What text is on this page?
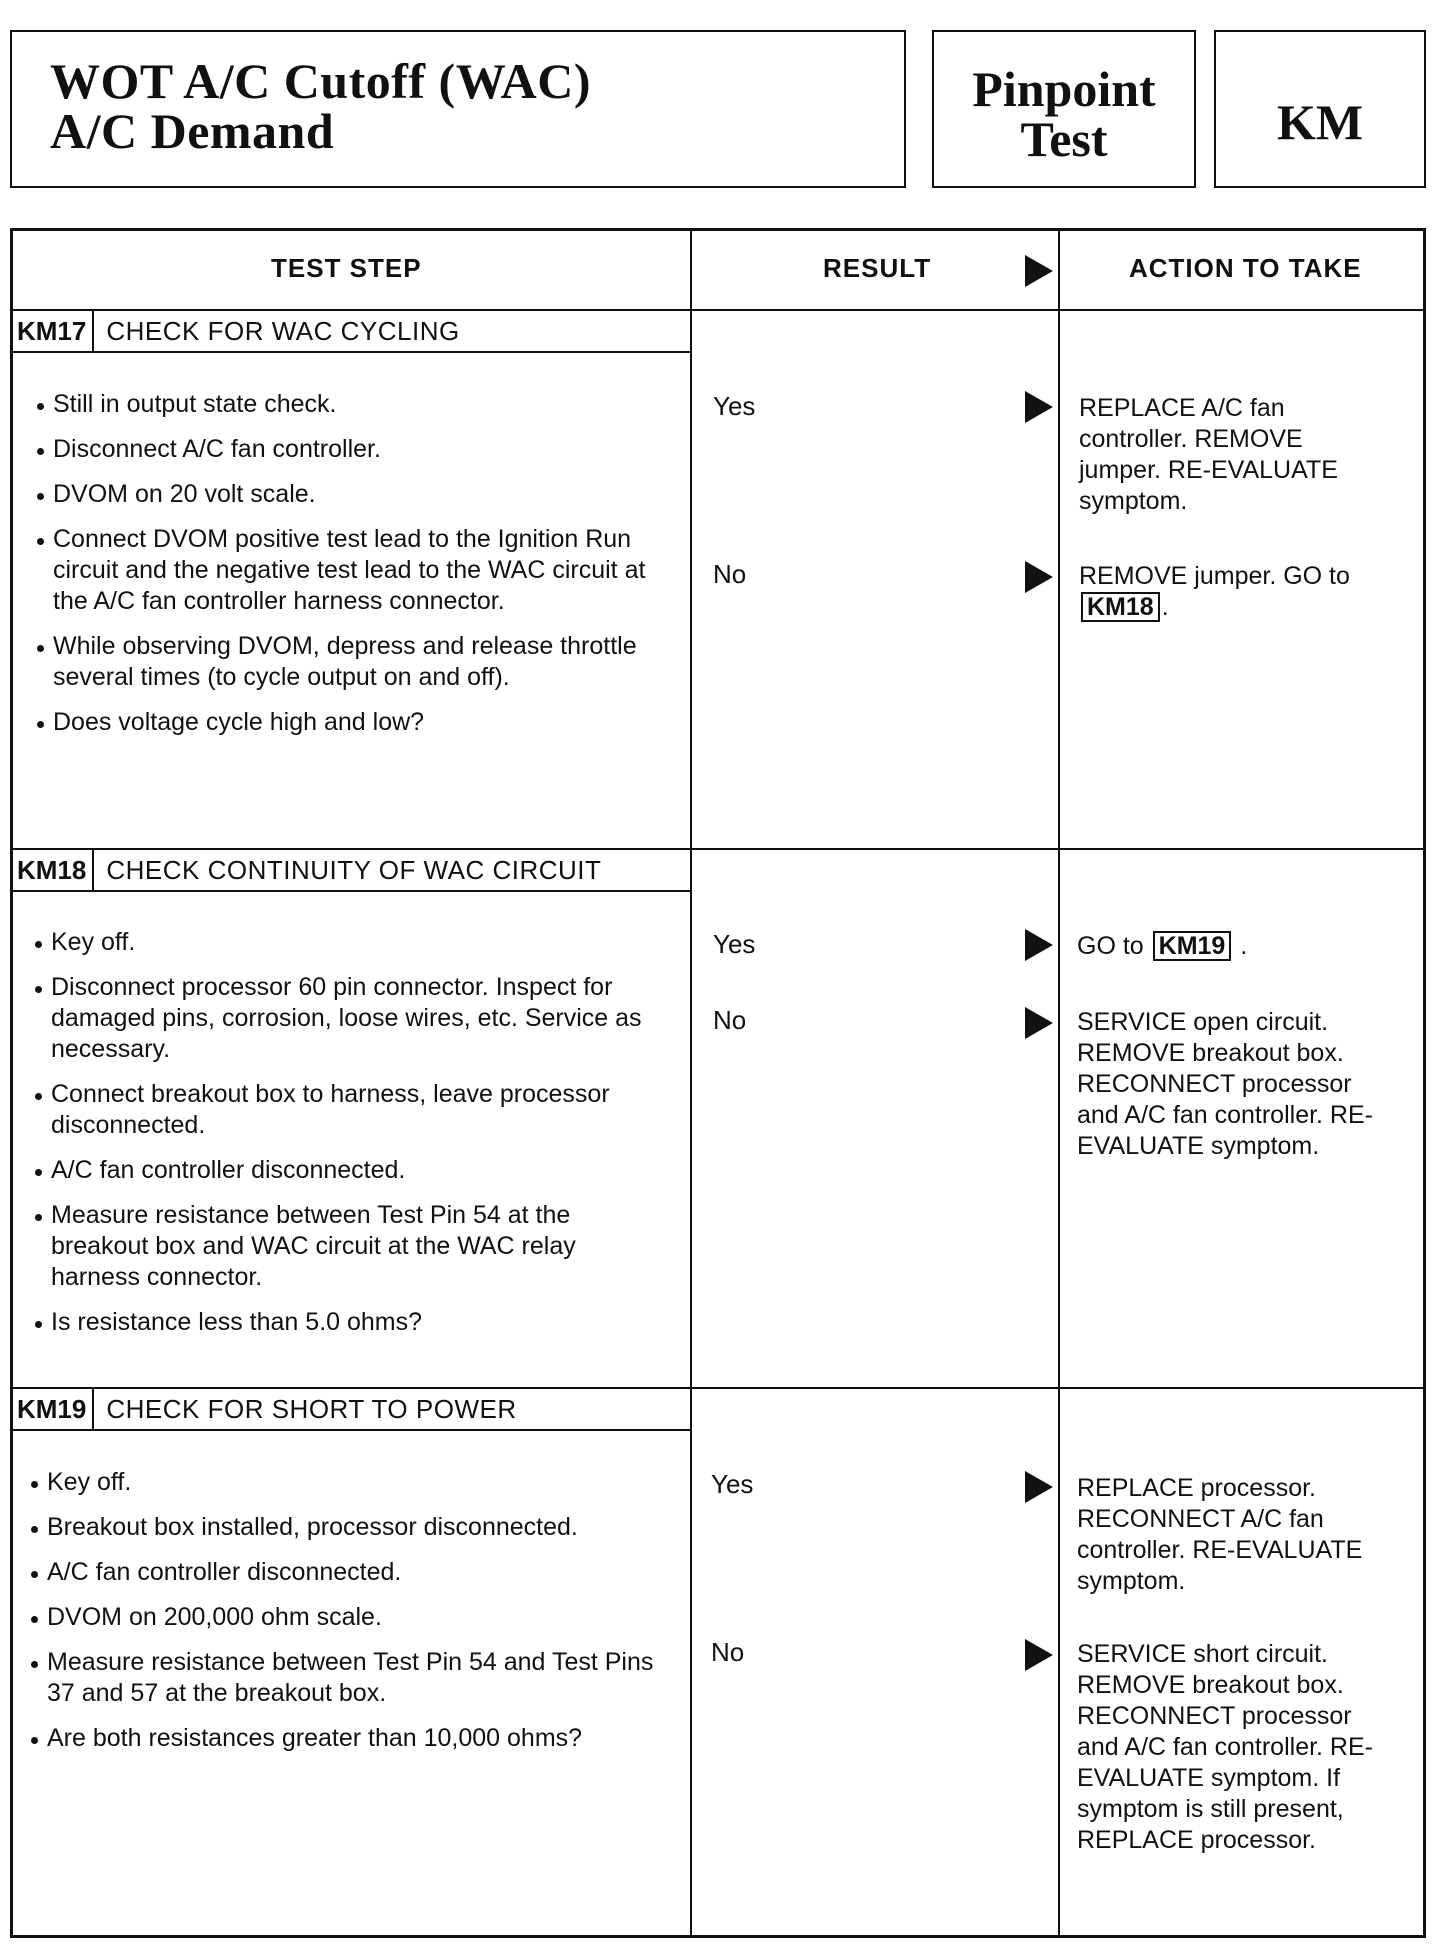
WOT A/C Cutoff (WAC)
A/C Demand
Pinpoint
Test	KM
TEST STEP	RESULT	ACTION TO TAKE
KM17 CHECK FOR WAC CYCLING
Still in output state check.
Disconnect A/C fan controller.
DVOM on 20 volt scale.
Connect DVOM positive test lead to the Ignition Run circuit and the negative test lead to the WAC circuit at the A/C fan controller harness connector.
While observing DVOM, depress and release throttle several times (to cycle output on and off).
Does voltage cycle high and low?
Yes	REPLACE A/C fan controller. REMOVE jumper. RE-EVALUATE symptom.
No	REMOVE jumper. GO to KM18 .
KM18 CHECK CONTINUITY OF WAC CIRCUIT
Key off.
Disconnect processor 60 pin connector. Inspect for damaged pins, corrosion, loose wires, etc. Service as necessary.
Connect breakout box to harness, leave processor disconnected.
A/C fan controller disconnected.
Measure resistance between Test Pin 54 at the breakout box and WAC circuit at the WAC relay harness connector.
Is resistance less than 5.0 ohms?
Yes	GO to KM19 .
No	SERVICE open circuit. REMOVE breakout box. RECONNECT processor and A/C fan controller. RE-EVALUATE symptom.
KM19 CHECK FOR SHORT TO POWER
Key off.
Breakout box installed, processor disconnected.
A/C fan controller disconnected.
DVOM on 200,000 ohm scale.
Measure resistance between Test Pin 54 and Test Pins 37 and 57 at the breakout box.
Are both resistances greater than 10,000 ohms?
Yes	REPLACE processor. RECONNECT A/C fan controller. RE-EVALUATE symptom.
No	SERVICE short circuit. REMOVE breakout box. RECONNECT processor and A/C fan controller. RE-EVALUATE symptom. If symptom is still present, REPLACE processor.
